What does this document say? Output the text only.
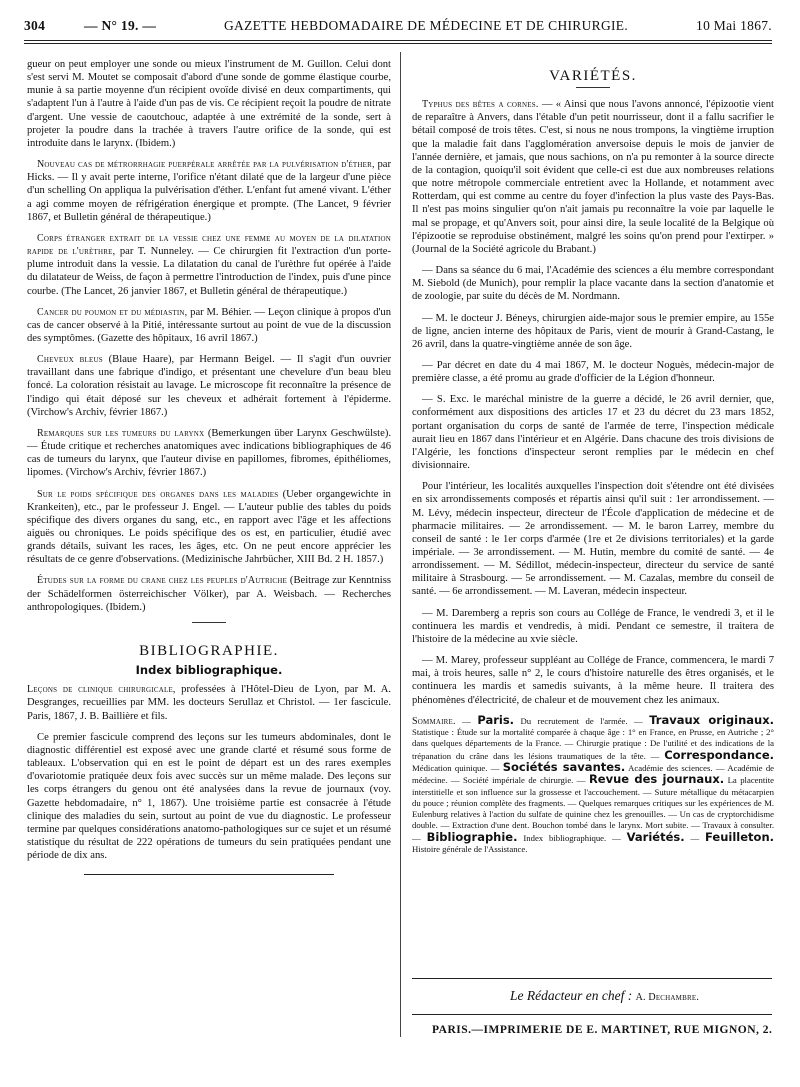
304	— N° 19. —	GAZETTE HEBDOMADAIRE DE MÉDECINE ET DE CHIRURGIE.	10 Mai 1867.

gueur on peut employer une sonde ou mieux l'instrument de M. Guillon. Celui dont s'est servi M. Moutet se composait d'abord d'une sonde de gomme élastique courbe, munie à sa partie moyenne d'un récipient ovoïde divisé en deux compartiments, qui s'adaptent l'un à l'autre à l'aide d'un pas de vis. Ce récipient reçoit la poudre de nitrate d'argent. Une vessie de caoutchouc, adaptée à une extrémité de la sonde, sert à projeter la poudre dans la trachée à travers l'autre orifice de la sonde, qui est introduite dans le larynx. (Ibidem.)

Nouveau cas de métrorrhagie puerpérale arrêtée par la pulvérisation d'éther, par Hicks. — Il y avait perte interne, l'orifice n'étant dilaté que de la largeur d'une pièce d'un schelling On appliqua la pulvérisation d'éther. L'enfant fut amené vivant. L'éther a agi comme moyen de réfrigération énergique et prompte. (The Lancet, 9 février 1867, et Bulletin général de thérapeutique.)

Corps étranger extrait de la vessie chez une femme au moyen de la dilatation rapide de l'urèthre, par T. Nunneley. — Ce chirurgien fit l'extraction d'un porte-plume introduit dans la vessie. La dilatation du canal de l'urèthre fut opérée à l'aide du dilatateur de Weiss, de façon à permettre l'introduction de l'index, puis d'une pince courbe. (The Lancet, 26 janvier 1867, et Bulletin général de thérapeutique.)

Cancer du poumon et du médiastin, par M. Béhier. — Leçon clinique à propos d'un cas de cancer observé à la Pitié, intéressante surtout au point de vue de la discussion des symptômes. (Gazette des hôpitaux, 16 avril 1867.)

Cheveux bleus (Blaue Haare), par Hermann Beigel. — Il s'agit d'un ouvrier travaillant dans une fabrique d'indigo, et présentant une chevelure d'un beau bleu foncé. La coloration résistait au lavage. Le microscope fit reconnaître la présence de l'indigo qui était déposé sur les cheveux et adhérait fortement à l'épiderme. (Virchow's Archiv, février 1867.)

Remarques sur les tumeurs du larynx (Bemerkungen über Larynx Geschwülste). — Étude critique et recherches anatomiques avec indications bibliographiques de 46 cas de tumeurs du larynx, que l'auteur divise en papillomes, fibromes, épithéliomes, lipomes. (Virchow's Archiv, février 1867.)

Sur le poids spécifique des organes dans les maladies (Ueber organgewichte in Krankeiten), etc., par le professeur J. Engel. — L'auteur publie des tables du poids spécifique des divers organes du sang, etc., en rapport avec l'âge et les affections aiguës ou chroniques. Le poids spécifique des os est, en particulier, étudié avec grands détails, suivant les races, les âges, etc. On ne peut encore apprécier les résultats de ce genre d'observations. (Medizinische Jahrbücher, XIII Bd. 2 H. 1857.)

Études sur la forme du crane chez les peuples d'Autriche (Beitrage zur Kenntniss der Schädelformen österreichischer Völker), par A. Weisbach. — Recherches anthropologiques. (Ibidem.)

BIBLIOGRAPHIE.
Index bibliographique.

Leçons de clinique chirurgicale, professées à l'Hôtel-Dieu de Lyon, par M. A. Desgranges, recueillies par MM. les docteurs Serullaz et Christol. — 1er fascicule. Paris, 1867, J. B. Baillière et fils.

Ce premier fascicule comprend des leçons sur les tumeurs abdominales, dont le diagnostic différentiel est exposé avec une grande clarté et résumé sous forme de tableaux. L'observation qui en est le point de départ est un des rares exemples d'ovariotomie pratiquée deux fois avec succès sur un même malade. Des leçons sur les corps étrangers du genou ont été analysées dans la revue de journaux (voy. Gazette hebdomadaire, n° 1, 1867). Une troisième partie est consacrée à l'étude clinique des maladies du sein, surtout au point de vue du diagnostic. Le professeur termine par quelques considérations anatomo-pathologiques sur ce sujet et un résumé statistique du résultat de 222 opérations de tumeurs du sein pratiquées pendant une période de dix ans.

VARIÉTÉS.

Typhus des bêtes a cornes. — « Ainsi que nous l'avons annoncé, l'épizootie vient de reparaître à Anvers, dans l'étable d'un petit nourrisseur, dont il a fallu sacrifier le bétail composé de trois têtes. C'est, si nous ne nous trompons, la vingtième irruption que la maladie fait dans l'agglomération anversoise depuis le mois de janvier de l'année dernière, et jamais, que nous sachions, on n'a pu remonter à la source directe de la contagion, quoiqu'il soit évident que celle-ci est due aux nombreuses relations que notre métropole commerciale entretient avec la Hollande, et notamment avec Rotterdam, qui est comme au centre du foyer d'infection la plus vaste des Pays-Bas. Il n'est pas moins singulier qu'on n'ait jamais pu reconnaître la voie par laquelle le mal se propage, et qu'Anvers soit, pour ainsi dire, la seule localité de la Belgique où l'épizootie se reproduise obstinément, malgré les soins qu'on prend pour l'extirper. » (Journal de la Société agricole du Brabant.)

— Dans sa séance du 6 mai, l'Académie des sciences a élu membre correspondant M. Siebold (de Munich), pour remplir la place vacante dans la section d'anatomie et de zoologie, par suite du décès de M. Nordmann.

— M. le docteur J. Béneys, chirurgien aide-major sous le premier empire, au 155e de ligne, ancien interne des hôpitaux de Paris, vient de mourir à Grand-Castang, le 26 avril, dans la quatre-vingtième année de son âge.

— Par décret en date du 4 mai 1867, M. le docteur Noguès, médecin-major de première classe, a été promu au grade d'officier de la Légion d'honneur.

— S. Exc. le maréchal ministre de la guerre a décidé, le 26 avril dernier, que, conformément aux dispositions des articles 17 et 23 du décret du 23 mars 1852, portant organisation du corps de santé de l'armée de terre, l'inspection médicale aurait lieu en 1867 dans l'intérieur et en Algérie. Dans chacune des trois divisions de l'Algérie, les fonctions d'inspecteur seront remplies par le médecin en chef divisionnaire.

Pour l'intérieur, les localités auxquelles l'inspection doit s'étendre ont été divisées en six arrondissements composés et répartis ainsi qu'il suit : 1er arrondissement. — M. Lévy, médecin inspecteur, directeur de l'École d'application de médecine et de pharmacie militaires. — 2e arrondissement. — M. le baron Larrey, membre du conseil de santé : le 1er corps d'armée (1re et 2e divisions territoriales) et la garde impériale. — 3e arrondissement. — M. Hutin, membre du comité de santé. — 4e arrondissement. — M. Sédillot, médecin-inspecteur, directeur du service de santé militaire à Strasbourg. — 5e arrondissement. — M. Cazalas, membre du conseil de santé. — 6e arrondissement. — M. Laveran, médecin inspecteur.

— M. Daremberg a repris son cours au Collége de France, le vendredi 3, et il le continuera les mardis et vendredis, à midi. Pendant ce semestre, il traitera de l'histoire de la médecine au xvie siècle.

— M. Marey, professeur suppléant au Collége de France, commencera, le mardi 7 mai, à trois heures, salle n° 2, le cours d'histoire naturelle des êtres organisés, et le continuera les mardis et samedis suivants, à la même heure. Il traitera des phénomènes d'électricité, de chaleur et de mouvement chez les animaux.

Sommaire. — Paris. Du recrutement de l'armée. — Travaux originaux. Statistique : Étude sur la mortalité comparée à chaque âge : 1° en France, en Prusse, en Autriche ; 2° dans quelques départements de la France. — Chirurgie pratique : De l'utilité et des indications de la trépanation du crâne dans les lésions traumatiques de la tête. — Correspondance. Médication quinique. — Sociétés savantes. Académie des sciences. — Académie de médecine. — Société impériale de chirurgie. — Revue des journaux. La placentite interstitielle et son influence sur la grossesse et l'accouchement. — Suture métallique du métacarpien du pouce ; réunion complète des fragments. — Quelques remarques critiques sur les expériences de M. Eulenburg relatives à l'action du sulfate de quinine chez les grenouilles. — Un cas de cryptorchidisme double. — Extraction d'une dent. Bouchon tombé dans le larynx. Mort subite. — Travaux à consulter. — Bibliographie. Index bibliographique. — Variétés. — Feuilleton. Histoire générale de l'Assistance.
Le Rédacteur en chef : A. Dechambre.
PARIS.—IMPRIMERIE DE E. MARTINET, RUE MIGNON, 2.
